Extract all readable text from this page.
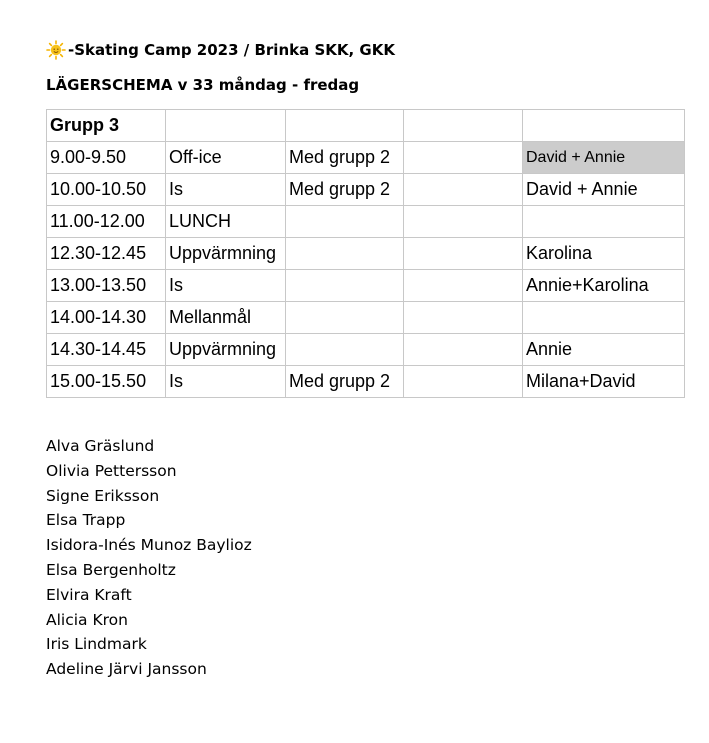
-Skating Camp 2023 / Brinka SKK, GKK
LÄGERSCHEMA v 33 måndag - fredag
Grupp 3				
9.00-9.50	Off-ice	Med grupp 2		David + Annie
10.00-10.50	Is	Med grupp 2		David + Annie
11.00-12.00	LUNCH			
12.30-12.45	Uppvärmning			Karolina
13.00-13.50	Is			Annie+Karolina
14.00-14.30	Mellanmål			
14.30-14.45	Uppvärmning			Annie
15.00-15.50	Is	Med grupp 2		Milana+David
Alva Gräslund
Olivia Pettersson
Signe Eriksson
Elsa Trapp
Isidora-Inés Munoz Baylioz
Elsa Bergenholtz
Elvira Kraft
Alicia Kron
Iris Lindmark
Adeline Järvi Jansson
